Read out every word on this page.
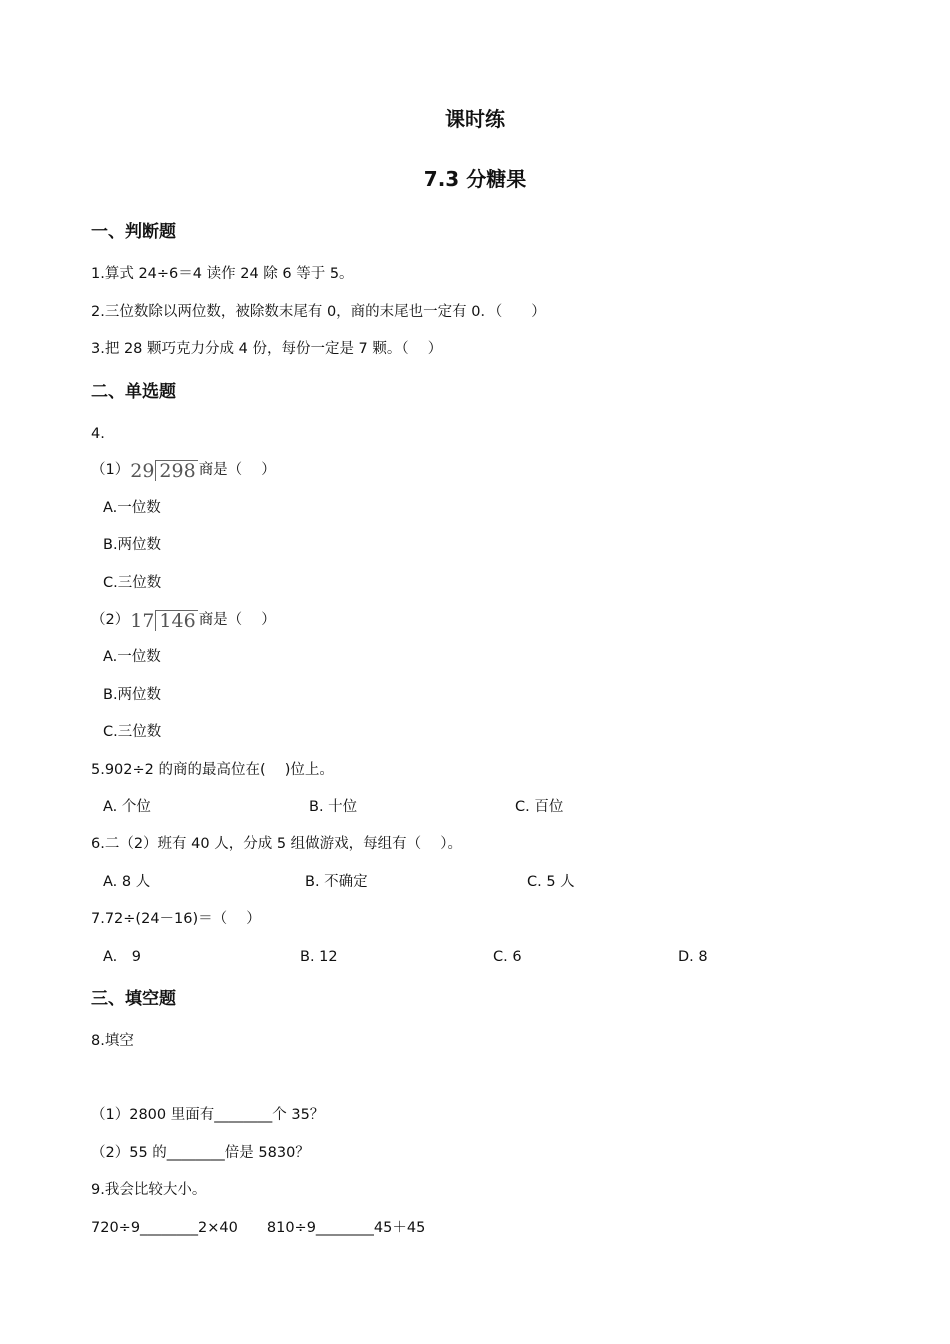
课时练
7.3 分糖果
一、判断题
1.算式 24÷6＝4 读作 24 除 6 等于 5。
2.三位数除以两位数，被除数末尾有 0，商的末尾也一定有 0．（　　）
3.把 28 颗巧克力分成 4 份，每份一定是 7 颗。（　 ）
二、单选题
4.
（1）29 298 商是（　 ）
A.一位数
B.两位数
C.三位数
（2）17 146 商是（　 ）
A.一位数
B.两位数
C.三位数
5.902÷2 的商的最高位在(　 )位上。
A. 个位	B. 十位	C. 百位
6.二（2）班有 40 人，分成 5 组做游戏，每组有（　 ）。
A. 8 人	B. 不确定	C. 5 人
7.72÷(24－16)＝（　 ）
A.　9	B. 12	C. 6	D. 8
三、填空题
8.填空
（1）2800 里面有________个 35？
（2）55 的________倍是 5830？
9.我会比较大小。
720÷9________2×40　　810÷9________45＋45
